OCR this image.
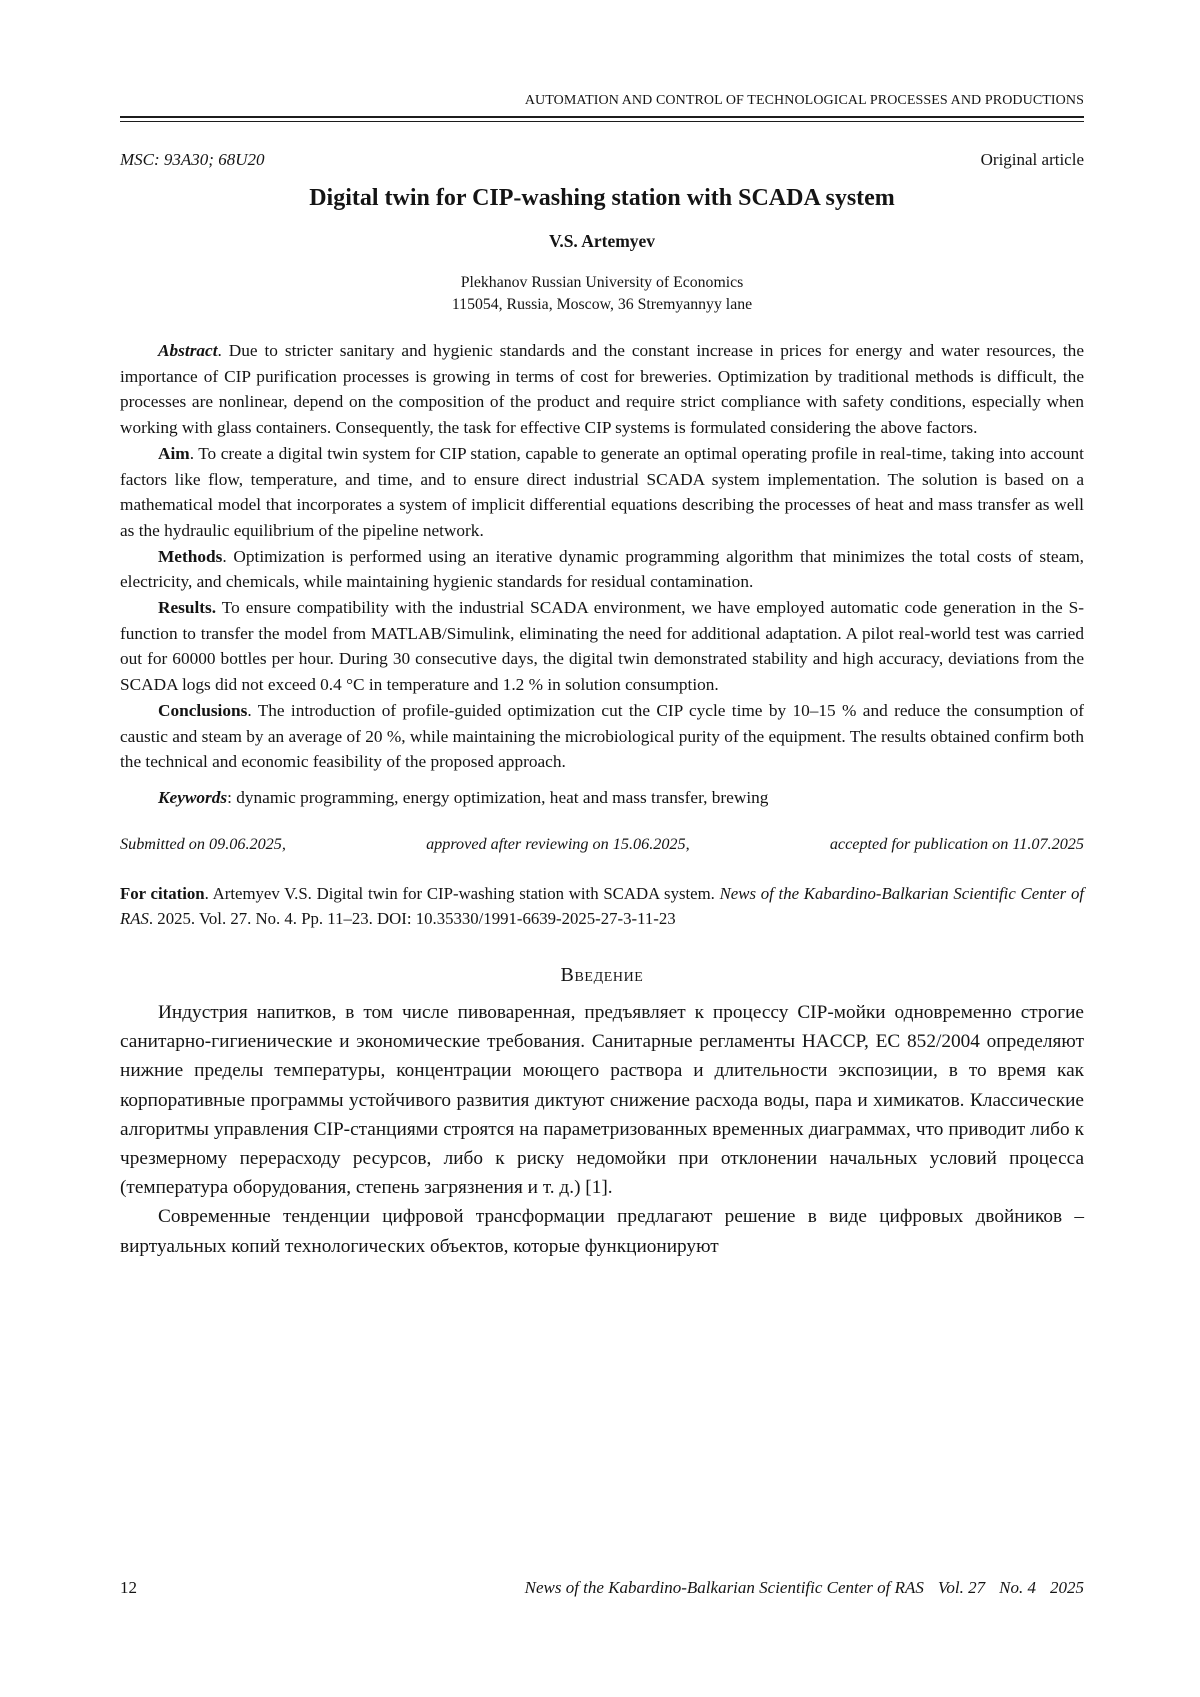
AUTOMATION AND CONTROL OF TECHNOLOGICAL PROCESSES AND PRODUCTIONS
MSC: 93A30; 68U20	Original article
Digital twin for CIP-washing station with SCADA system
V.S. Artemyev
Plekhanov Russian University of Economics
115054, Russia, Moscow, 36 Stremyannyy lane

Abstract. Due to stricter sanitary and hygienic standards and the constant increase in prices for energy and water resources, the importance of CIP purification processes is growing in terms of cost for breweries. Optimization by traditional methods is difficult, the processes are nonlinear, depend on the composition of the product and require strict compliance with safety conditions, especially when working with glass containers. Consequently, the task for effective CIP systems is formulated considering the above factors.

Aim. To create a digital twin system for CIP station, capable to generate an optimal operating profile in real-time, taking into account factors like flow, temperature, and time, and to ensure direct industrial SCADA system implementation. The solution is based on a mathematical model that incorporates a system of implicit differential equations describing the processes of heat and mass transfer as well as the hydraulic equilibrium of the pipeline network.

Methods. Optimization is performed using an iterative dynamic programming algorithm that minimizes the total costs of steam, electricity, and chemicals, while maintaining hygienic standards for residual contamination.

Results. To ensure compatibility with the industrial SCADA environment, we have employed automatic code generation in the S-function to transfer the model from MATLAB/Simulink, eliminating the need for additional adaptation. A pilot real-world test was carried out for 60000 bottles per hour. During 30 consecutive days, the digital twin demonstrated stability and high accuracy, deviations from the SCADA logs did not exceed 0.4 °C in temperature and 1.2 % in solution consumption.

Conclusions. The introduction of profile-guided optimization cut the CIP cycle time by 10–15 % and reduce the consumption of caustic and steam by an average of 20 %, while maintaining the microbiological purity of the equipment. The results obtained confirm both the technical and economic feasibility of the proposed approach.

Keywords: dynamic programming, energy optimization, heat and mass transfer, brewing
Submitted on 09.06.2025,	approved after reviewing on 15.06.2025,	accepted for publication on 11.07.2025
For citation. Artemyev V.S. Digital twin for CIP-washing station with SCADA system. News of the Kabardino-Balkarian Scientific Center of RAS. 2025. Vol. 27. No. 4. Pp. 11–23. DOI: 10.35330/1991-6639-2025-27-3-11-23
Введение

Индустрия напитков, в том числе пивоваренная, предъявляет к процессу CIP-мойки одновременно строгие санитарно-гигиенические и экономические требования. Санитарные регламенты HACCP, ЕС 852/2004 определяют нижние пределы температуры, концентрации моющего раствора и длительности экспозиции, в то время как корпоративные программы устойчивого развития диктуют снижение расхода воды, пара и химикатов. Классические алгоритмы управления CIP-станциями строятся на параметризованных временных диаграммах, что приводит либо к чрезмерному перерасходу ресурсов, либо к риску недомойки при отклонении начальных условий процесса (температура оборудования, степень загрязнения и т. д.) [1].

Современные тенденции цифровой трансформации предлагают решение в виде цифровых двойников – виртуальных копий технологических объектов, которые функционируют

12	News of the Kabardino-Balkarian Scientific Center of RAS Vol. 27 No. 4 2025
